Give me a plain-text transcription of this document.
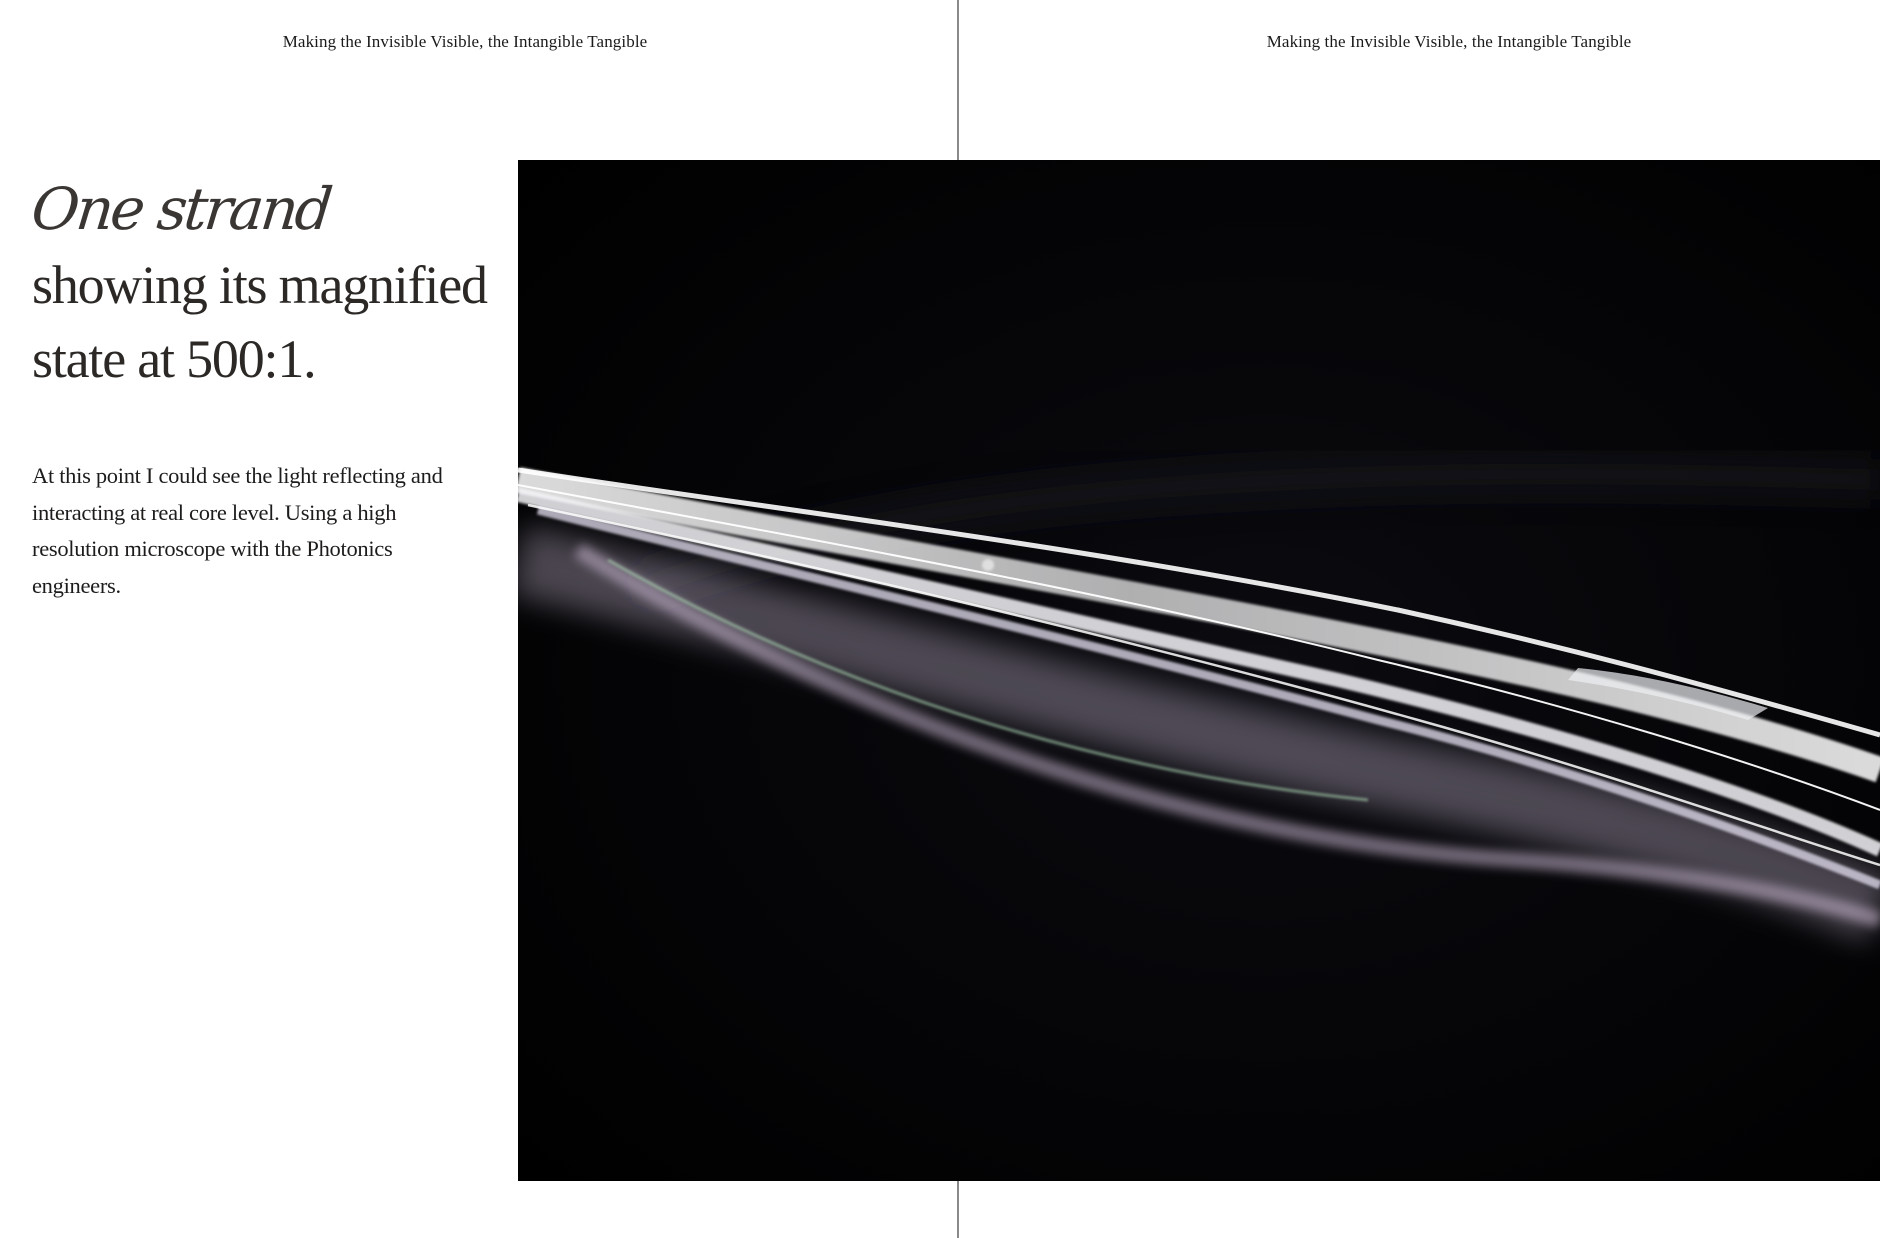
Making the Invisible Visible, the Intangible Tangible	Making the Invisible Visible, the Intangible Tangible
One strandshowing its magnified state at 500:1.

At this point I could see the light reflecting and interacting at real core level. Using a high resolution microscope with the Photonics engineers.
